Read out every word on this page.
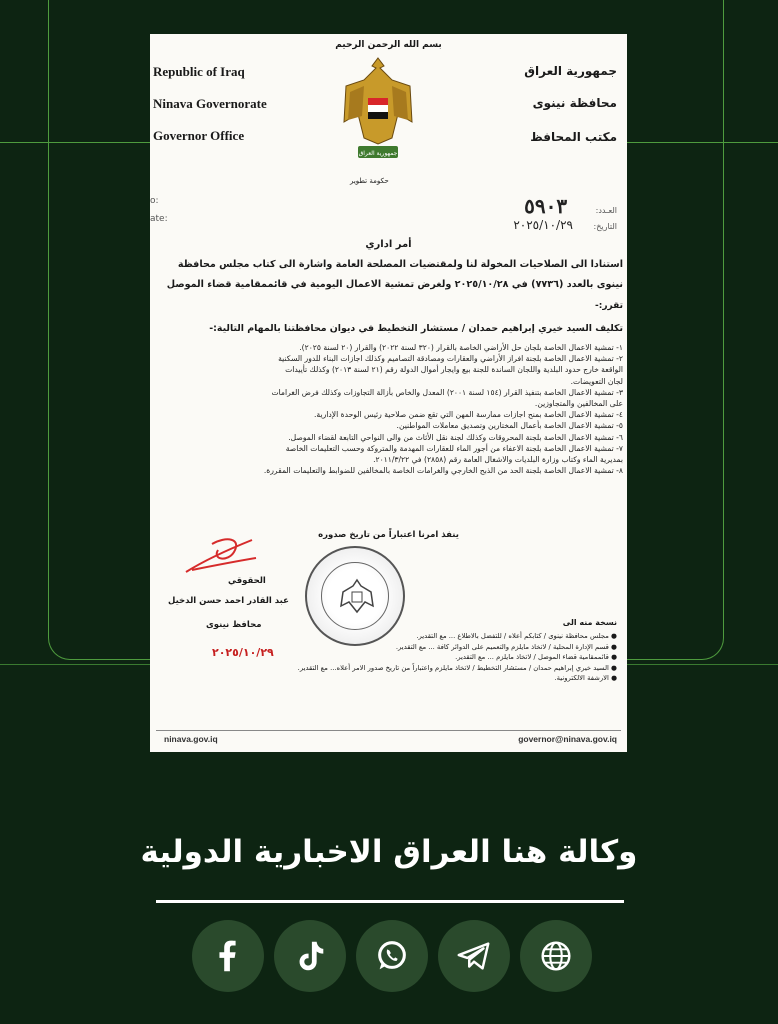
بسم الله الرحمن الرحيم
Republic of Iraq
Ninava Governorate
Governor Office
جمهورية العراق
محافظة نينوى
مكتب المحافظ
جمهورية العراق
حكومة تطوير
العـدد: ٥٩٠٣
التاريخ: ٢٠٢٥/١٠/٢٩
o:
ate:
أمر اداري
استنادا الى الصلاحيات المخولة لنا ولمقتضيات المصلحة العامة واشارة الى كتاب مجلس محافظة
نينوى بالعدد (٧٧٣٦) في ٢٠٢٥/١٠/٢٨ ولغرض تمشية الاعمال اليومية في قائممقامية قضاء الموصل
تقرر:-
تكليف السيد خيري إبراهيم حمدان / مستشار التخطيط في ديوان محافظتنا بالمهام التالية:-
١- تمشية الاعمال الخاصة بلجان حل الأراضي الخاصة بالقرار (٣٢٠ لسنة ٢٠٢٢) والقرار (٢٠ لسنة ٢٠٢٥).
٢- تمشية الاعمال الخاصة بلجنة افراز الأراضي والعقارات ومصادقة التصاميم وكذلك اجازات البناء للدور السكنية
الواقعة خارج حدود البلدية واللجان الساندة للجنة بيع وايجار أموال الدولة رقم (٢١ لسنة ٢٠١٣) وكذلك تأييدات
لجان التعويضات.
٣- تمشية الاعمال الخاصة بتنفيذ القرار (١٥٤ لسنة ٢٠٠١) المعدل والخاص بأزالة التجاوزات وكذلك فرض الغرامات
على المخالفين والمتجاوزين.
٤- تمشية الاعمال الخاصة بمنح اجازات ممارسة المهن التي تقع ضمن صلاحية رئيس الوحدة الإدارية.
٥- تمشية الاعمال الخاصة بأعمال المختارين وتصديق معاملات المواطنين.
٦- تمشية الاعمال الخاصة بلجنة المحروقات وكذلك لجنة نقل الأثاث من والى النواحي التابعة لقضاء الموصل.
٧- تمشية الاعمال الخاصة بلجنة الاعفاء من أجور الماء للعقارات المهدمة والمتروكة وحسب التعليمات الخاصة
بمديرية الماء وكتاب وزارة البلديات والاشغال العامة رقم (٢٨٥٨) في ٢٠١١/٣/٢٢.
٨- تمشية الاعمال الخاصة بلجنة الحد من الذبح الخارجي والغرامات الخاصة بالمخالفين للضوابط والتعليمات المقررة.
ينفذ امرنا اعتباراً من تاريخ صدوره
الحقوقي
عبد القادر احمد حسن الدخيل
محافظ نينوى
٢٠٢٥/١٠/٢٩
نسخة منه الى
● مجلس محافظة نينوى / كتابكم أعلاه / للتفضل بالاطلاع ... مع التقدير.
● قسم الإدارة المحلية / لاتخاذ مايلزم والتعميم على الدوائر كافة ... مع التقدير.
● قائممقامية قضاء الموصل / لاتخاذ مايلزم ... مع التقدير.
● السيد خيري إبراهيم حمدان / مستشار التخطيط / لاتخاذ مايلزم واعتباراً من تاريخ صدور الامر أعلاه... مع التقدير.
● الارشفة الالكترونية.
ninava.gov.iq	governor@ninava.gov.iq
وكالة هنا العراق الاخبارية الدولية
